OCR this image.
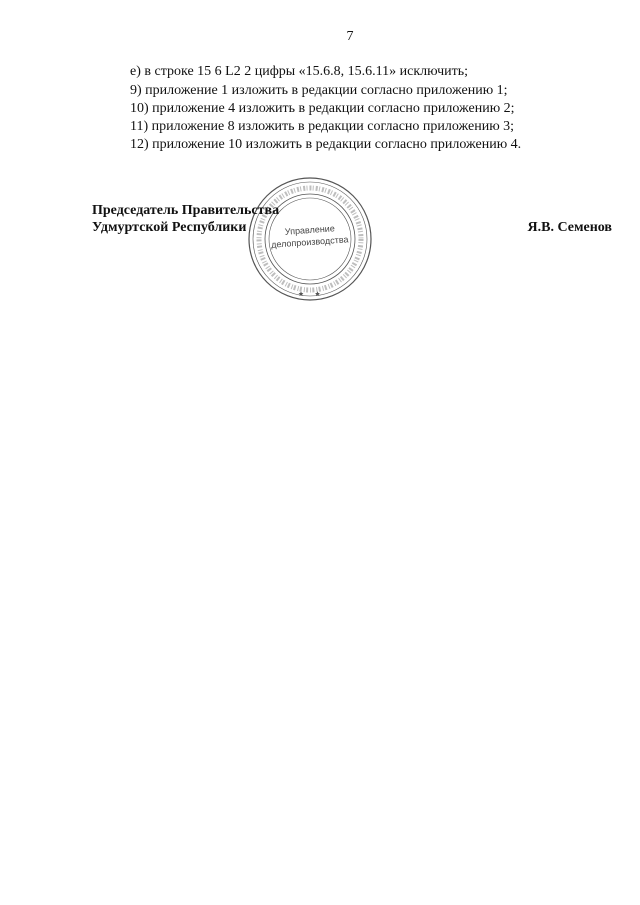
7
е) в строке 15 6 L2 2 цифры «15.6.8, 15.6.11» исключить;
9) приложение 1 изложить в редакции согласно приложению 1;
10) приложение 4 изложить в редакции согласно приложению 2;
11) приложение 8 изложить в редакции согласно приложению 3;
12) приложение 10 изложить в редакции согласно приложению 4.
Управление
делопроизводства
Председатель Правительства
Удмуртской Республики	Я.В. Семенов
